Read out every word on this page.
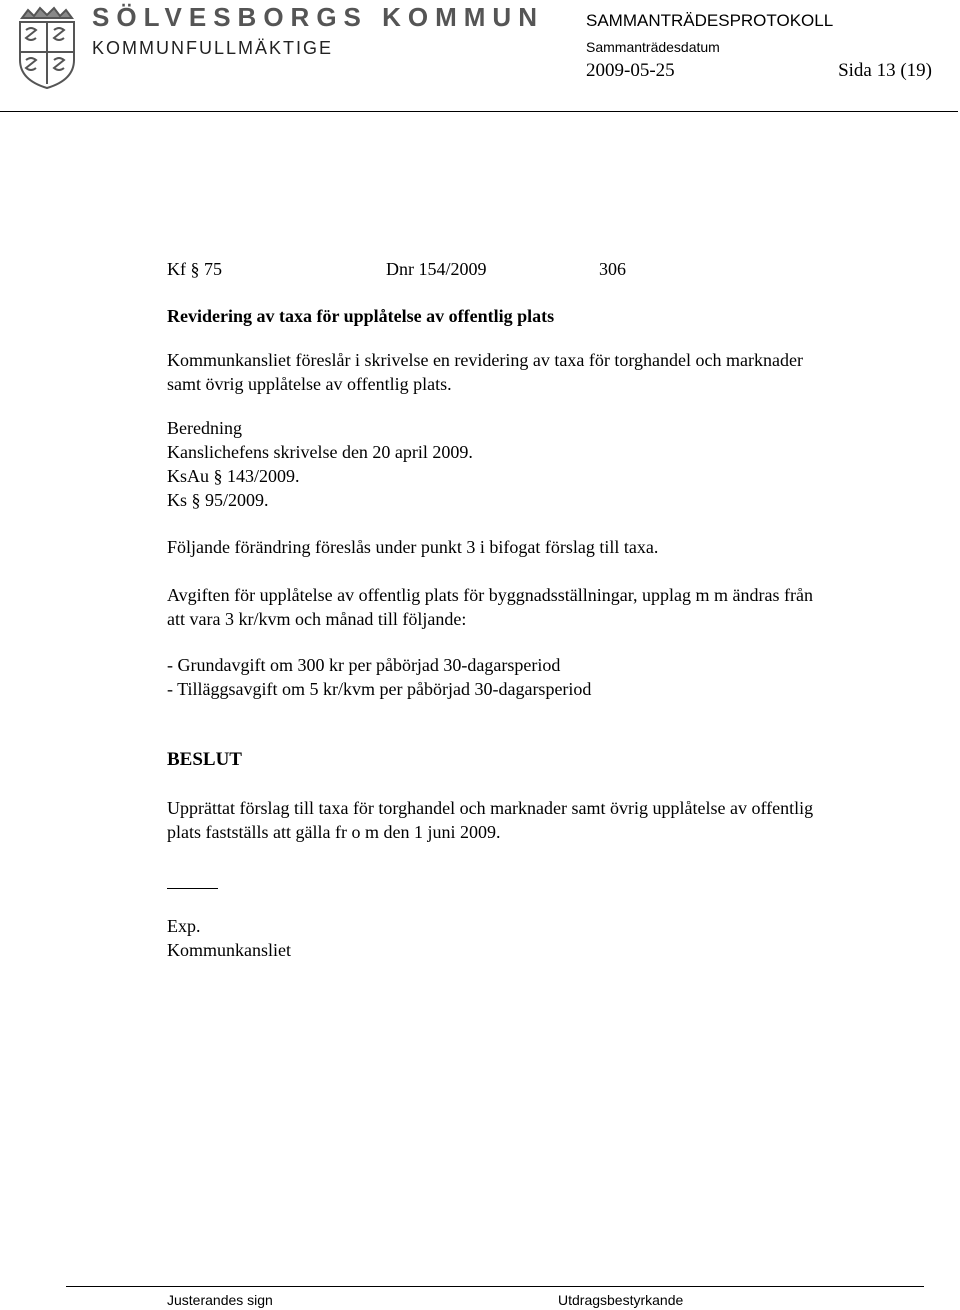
SÖLVESBORGS KOMMUN
KOMMUNFULLMÄKTIGE
SAMMANTRÄDESPROTOKOLL
Sammanträdesdatum
2009-05-25	Sida 13 (19)
Kf § 75	Dnr 154/2009	306
Revidering av taxa för upplåtelse av offentlig plats
Kommunkansliet föreslår i skrivelse en revidering av taxa för torghandel och marknader
samt övrig upplåtelse av offentlig plats.
Beredning
Kanslichefens skrivelse den 20 april 2009.
KsAu § 143/2009.
Ks § 95/2009.
Följande förändring föreslås under punkt 3 i bifogat förslag till taxa.
Avgiften för upplåtelse av offentlig plats för byggnadsställningar, upplag m m ändras från
att vara 3 kr/kvm och månad till följande:
- Grundavgift om 300 kr per påbörjad 30-dagarsperiod
- Tilläggsavgift om 5 kr/kvm per påbörjad 30-dagarsperiod
BESLUT
Upprättat förslag till taxa för torghandel och marknader samt övrig upplåtelse av offentlig
plats fastställs att gälla fr o m den 1 juni 2009.
Exp.
Kommunkansliet
Justerandes sign	Utdragsbestyrkande
